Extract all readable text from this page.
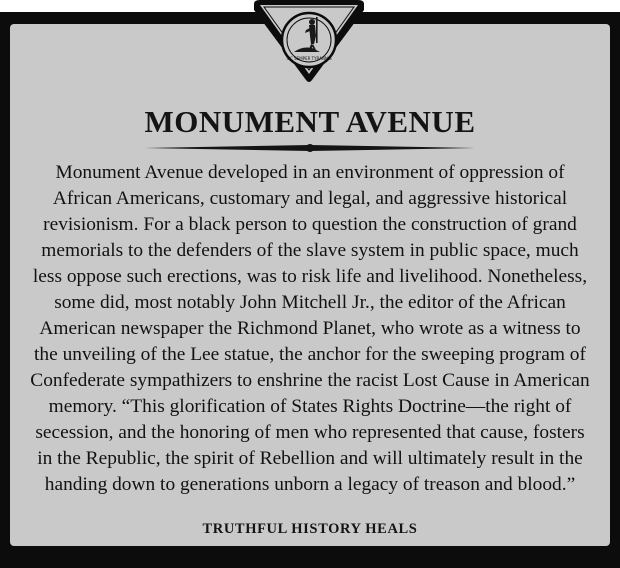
SIC SEMPER TYRANNIS
MONUMENT AVENUE
Monument Avenue developed in an environment of oppression of
African Americans, customary and legal, and aggressive historical
revisionism. For a black person to question the construction of grand
memorials to the defenders of the slave system in public space, much
less oppose such erections, was to risk life and livelihood. Nonetheless,
some did, most notably John Mitchell Jr., the editor of the African
American newspaper the Richmond Planet, who wrote as a witness to
the unveiling of the Lee statue, the anchor for the sweeping program of
Confederate sympathizers to enshrine the racist Lost Cause in American
memory. “This glorification of States Rights Doctrine—the right of
secession, and the honoring of men who represented that cause, fosters
in the Republic, the spirit of Rebellion and will ultimately result in the
handing down to generations unborn a legacy of treason and blood.”
TRUTHFUL HISTORY HEALS
